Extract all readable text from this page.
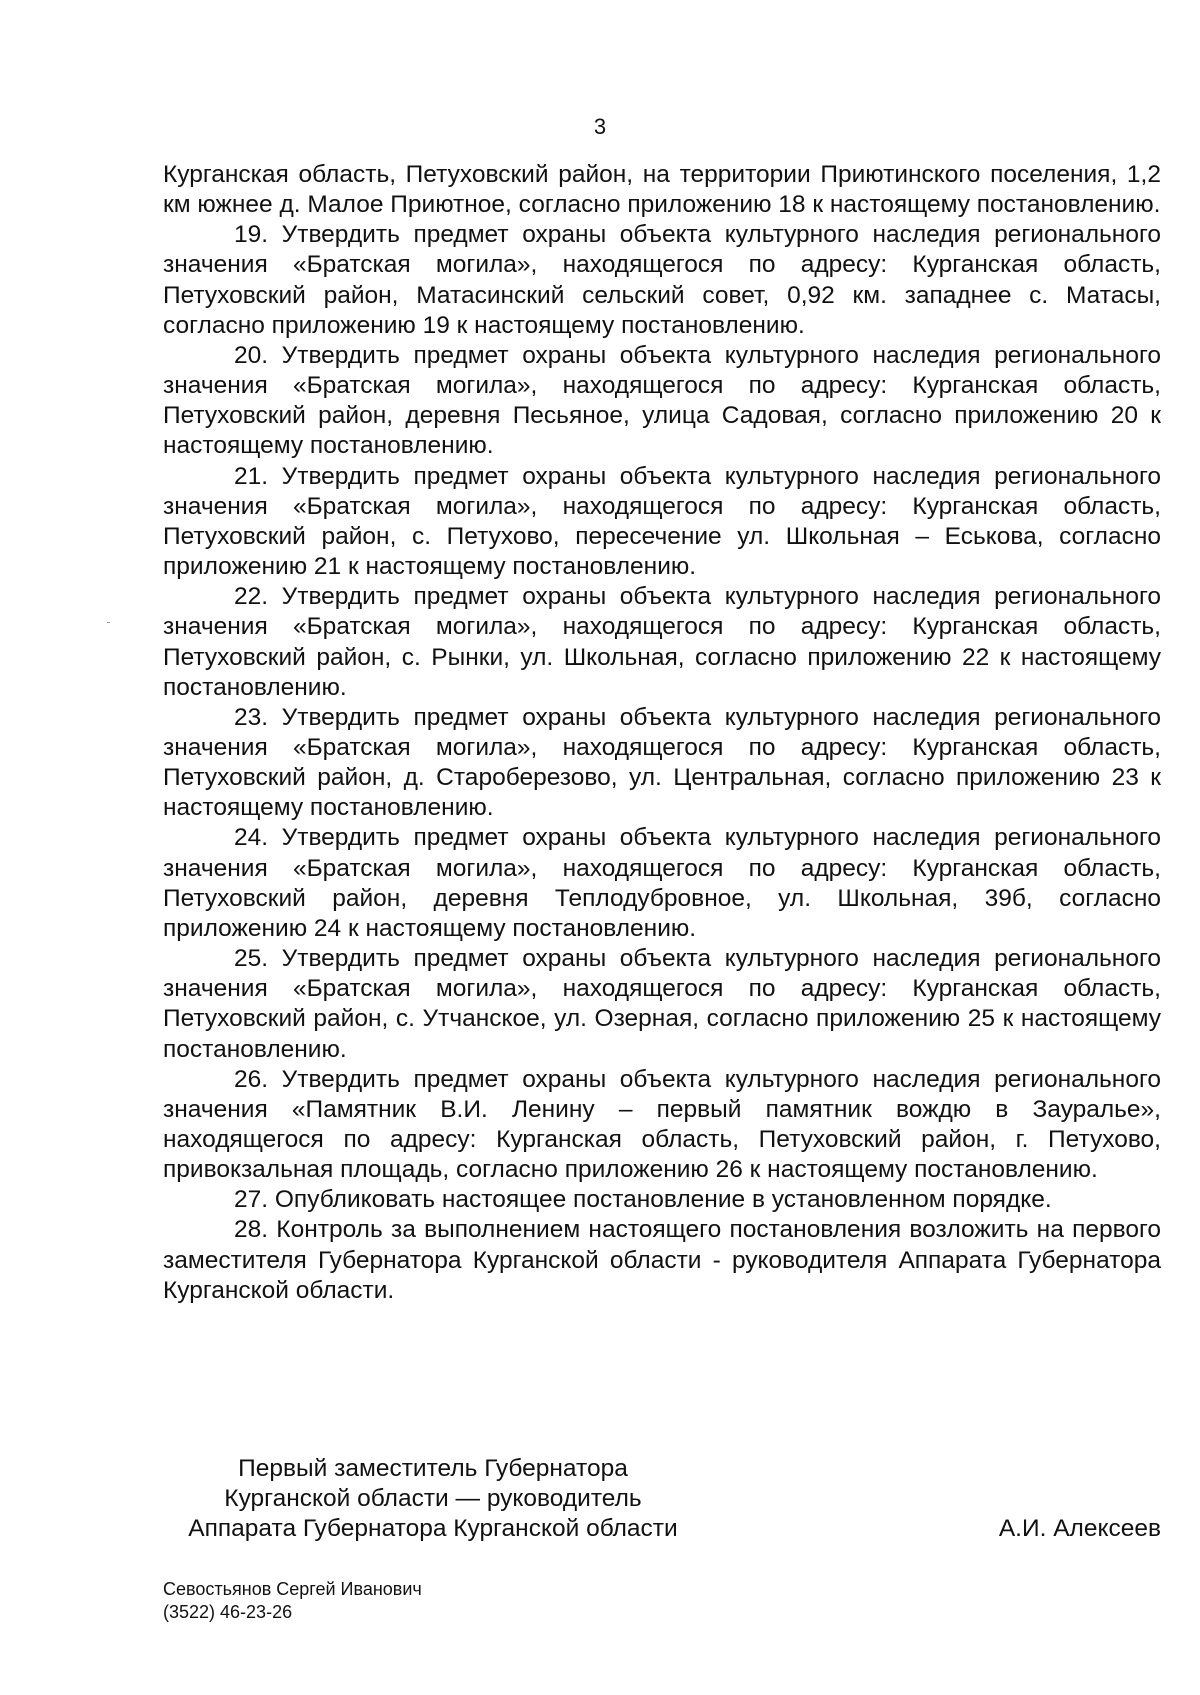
3

Курганская область, Петуховский район, на территории Приютинского поселения, 1,2 км южнее д. Малое Приютное, согласно приложению 18 к настоящему постановлению.

19. Утвердить предмет охраны объекта культурного наследия регионального значения «Братская могила», находящегося по адресу: Курганская область, Петуховский район, Матасинский сельский совет, 0,92 км. западнее с. Матасы, согласно приложению 19 к настоящему постановлению.

20. Утвердить предмет охраны объекта культурного наследия регионального значения «Братская могила», находящегося по адресу: Курганская область, Петуховский район, деревня Песьяное, улица Садовая, согласно приложению 20 к настоящему постановлению.

21. Утвердить предмет охраны объекта культурного наследия регионального значения «Братская могила», находящегося по адресу: Курганская область, Петуховский район, с. Петухово, пересечение ул. Школьная – Еськова, согласно приложению 21 к настоящему постановлению.

22. Утвердить предмет охраны объекта культурного наследия регионального значения «Братская могила», находящегося по адресу: Курганская область, Петуховский район, с. Рынки, ул. Школьная, согласно приложению 22 к настоящему постановлению.

23. Утвердить предмет охраны объекта культурного наследия регионального значения «Братская могила», находящегося по адресу: Курганская область, Петуховский район, д. Староберезово, ул. Центральная, согласно приложению 23 к настоящему постановлению.

24. Утвердить предмет охраны объекта культурного наследия регионального значения «Братская могила», находящегося по адресу: Курганская область, Петуховский район, деревня Теплодубровное, ул. Школьная, 39б, согласно приложению 24 к настоящему постановлению.

25. Утвердить предмет охраны объекта культурного наследия регионального значения «Братская могила», находящегося по адресу: Курганская область, Петуховский район, с. Утчанское, ул. Озерная, согласно приложению 25 к настоящему постановлению.

26. Утвердить предмет охраны объекта культурного наследия регионального значения «Памятник В.И. Ленину – первый памятник вождю в Зауралье», находящегося по адресу: Курганская область, Петуховский район, г. Петухово, привокзальная площадь, согласно приложению 26 к настоящему постановлению.

27. Опубликовать настоящее постановление в установленном порядке.

28. Контроль за выполнением настоящего постановления возложить на первого заместителя Губернатора Курганской области - руководителя Аппарата Губернатора Курганской области.

Первый заместитель Губернатора
Курганской области — руководитель
Аппарата Губернатора Курганской области	А.И. Алексеев
Севостьянов Сергей Иванович
(3522) 46-23-26
